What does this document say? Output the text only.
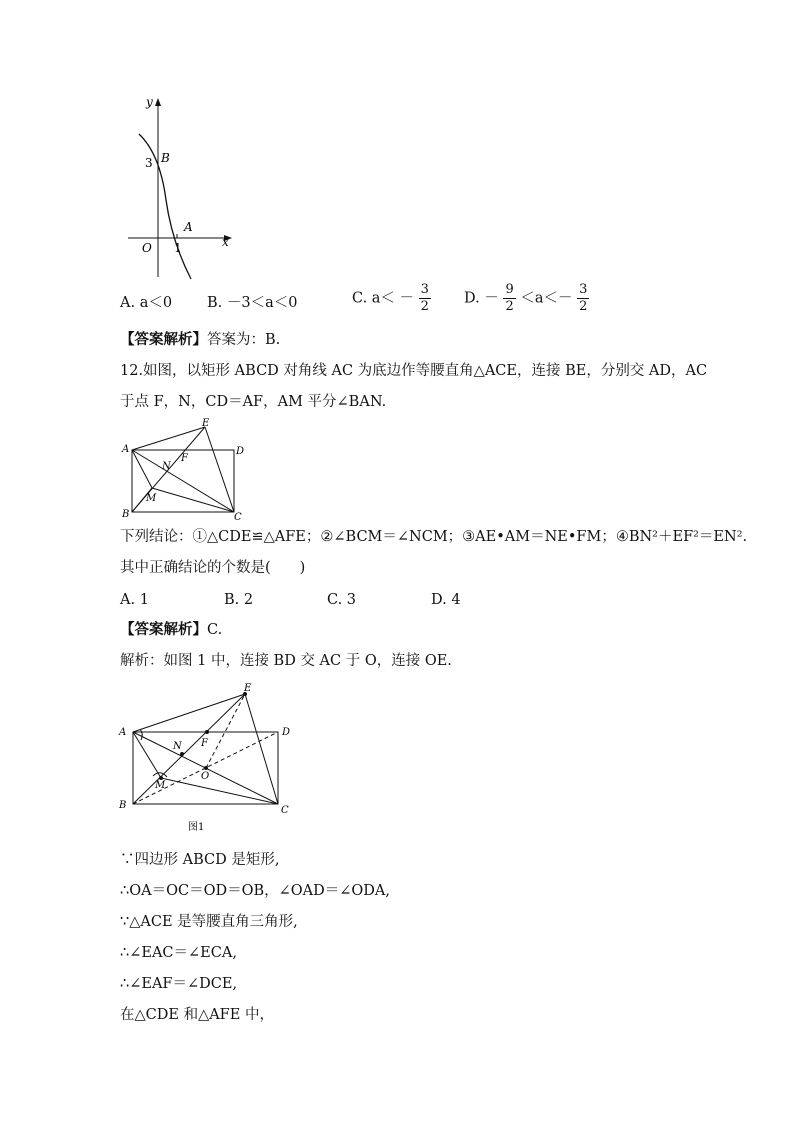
y
3 B
A
O 1	x
A. a＜0 B. －3＜a＜0	C. $a< - \frac{3}{2} D$. － $\frac{9}{2} <a<- \frac{3}{2}$
【答案解析】答案为：B.
12.如图，以矩形 ABCD 对角线 AC 为底边作等腰直角△ACE，连接 BE，分别交 AD，AC
于点 F，N，CD＝AF，AM 平分∠BAN.
A
E
D
F
N
M
B	C
下列结论：①△CDE≌△AFE；②∠BCM＝∠NCM；③AE•AM＝NE•FM；④BN²＋EF²＝EN².
其中正确结论的个数是(　　)
A. 1	B. 2	C. 3	D. 4
【答案解析】C.
解析：如图 1 中，连接 BD 交 AC 于 O，连接 OE.
A
E
D
F
N
O
M
B	C
图1
∵四边形 ABCD 是矩形,
∴OA＝OC＝OD＝OB，∠OAD＝∠ODA,
∵△ACE 是等腰直角三角形,
∴∠EAC＝∠ECA,
∴∠EAF＝∠DCE,
在△CDE 和△AFE 中，
